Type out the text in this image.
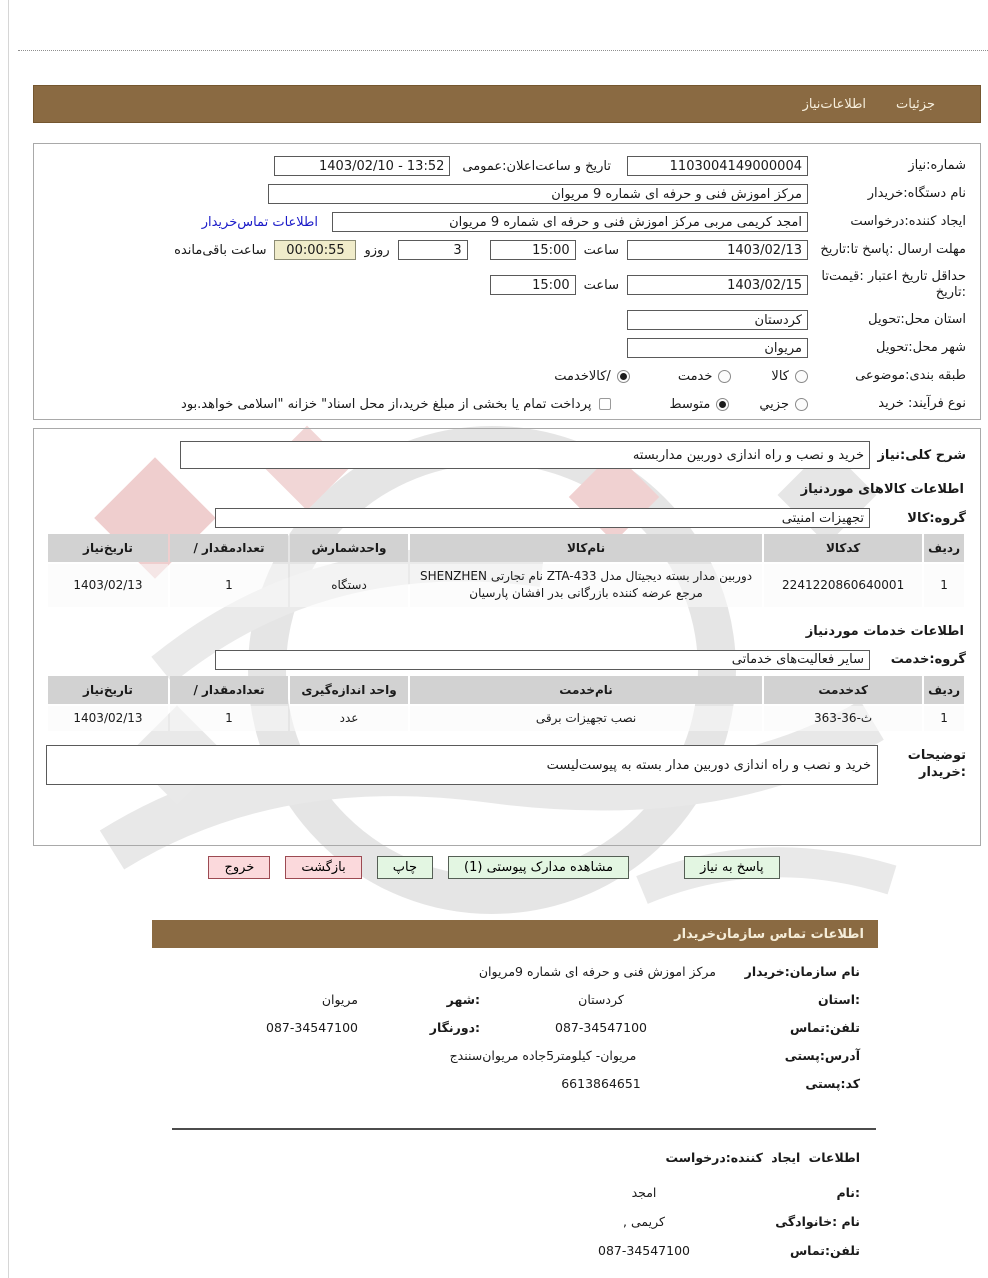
جزئیات
اطلاعات‌نیاز
شماره:نیاز
1103004149000004
تاریخ و ساعت‌اعلان:عمومی
13:52 - 1403/02/10
نام دستگاه:خریدار
مرکز اموزش فنی و حرفه ای شماره 9 مریوان
ایجاد کننده:درخواست
امجد کریمی مربی مرکز اموزش فنی و حرفه ای شماره 9 مریوان
اطلاعات تماس‌خریدار
مهلت ارسال :پاسخ تا:تاریخ
1403/02/13
ساعت
15:00
3
روزو
00:00:55
ساعت باقی‌مانده
حداقل تاریخ اعتبار :قیمت‌تا
:تاریخ
1403/02/15
ساعت
15:00
استان محل:تحویل
کردستان
شهر محل:تحویل
مریوان
طبقه بندی:موضوعی
کالا
خدمت
/کالاخدمت
نوع فرآیند: خرید
جزیي
متوسط
پرداخت تمام یا بخشی از مبلغ خرید،از محل اسناد" خزانه "اسلامی خواهد.بود
شرح کلی:نیاز
خرید و نصب و راه اندازی دوربین مداربسته
اطلاعات کالاهای موردنیاز
گروه:کالا
تجهیزات امنیتی
ردیف	کدکالا	نام‌کالا	واحدشمارش	/ تعدادمقدار	تاریخ‌نیاز
1	2241220860640001	دوربین مدار بسته دیجیتال مدل ZTA-433 نام تجارتی SHENZHEN مرجع عرضه کننده بازرگانی بدر افشان پارسیان	دستگاه	1	1403/02/13
اطلاعات خدمات موردنیاز
گروه:خدمت
سایر فعالیت‌های خدماتی
ردیف	کدخدمت	نام‌خدمت	واحد اندازه‌گیری	/ تعدادمقدار	تاریخ‌نیاز
1	ث-36-363	نصب تجهیزات برقی	عدد	1	1403/02/13
توضیحات
:خریدار
خرید و نصب و راه اندازی دوربین مدار بسته به پیوست‌لیست
پاسخ به نیاز
مشاهده مدارک پیوستی (1)
چاپ
بازگشت
خروج
اطلاعات تماس سازمان‌خریدار
نام سازمان:خریدار
مرکز اموزش فنی و حرفه ای شماره 9مریوان
:استان
کردستان
:شهر
مریوان
تلفن:تماس
087-34547100
:دورنگار
087-34547100
آدرس:پستی
مریوان- کیلومتر5جاده مریوان‌سنندج
کد:پستی
6613864651
اطلاعات ایجاد کننده:درخواست
:نام
امجد
نام :خانوادگی
کریمی ,
تلفن:تماس
087-34547100
